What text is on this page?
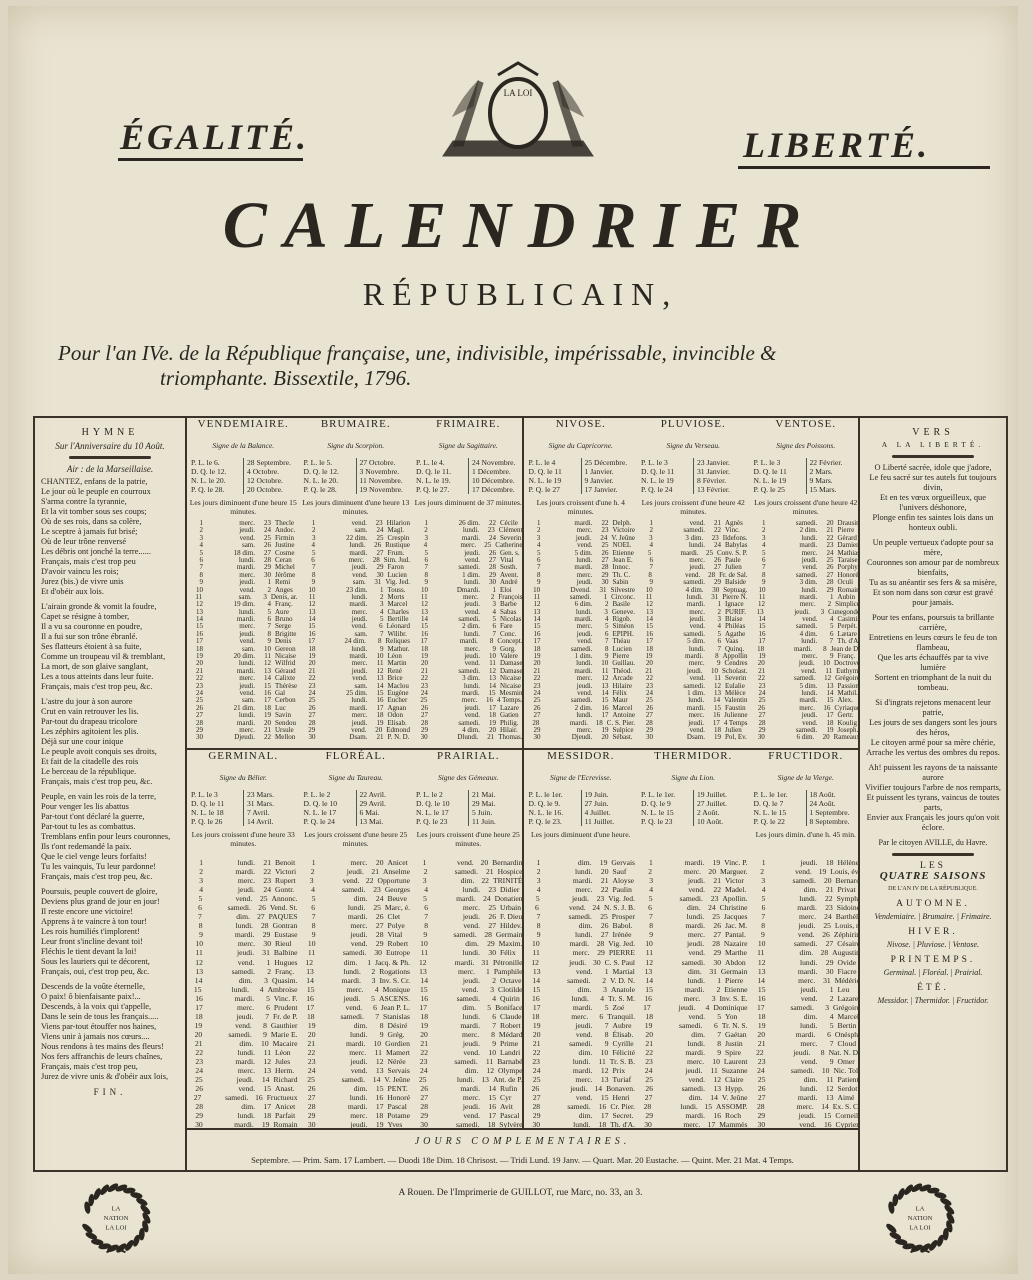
LA LOI
ÉGALITÉ.	LIBERTÉ.
CALENDRIER
RÉPUBLICAIN,
Pour l'an IVe. de la République française, une, indivisible, impérissable, invincible &
triomphante. Bissextile, 1796.
HYMNE
Sur l'Anniversaire du 10 Août.
Air : de la Marseillaise.
CHANTEZ, enfans de la patrie,
Le jour où le peuple en courroux
S'arma contre la tyrannie,
Et la vit tomber sous ses coups;
Où de ses rois, dans sa colère,
Le sceptre à jamais fut brisé;
Où de leur trône renversé
Les débris ont jonché la terre......
Français, mais c'est trop peu
D'avoir vaincu les rois;
Jurez (bis.) de vivre unis
Et d'obéir aux lois.
L'airain gronde & vomit la foudre,
Capet se résigne à tomber,
Il a vu sa couronne en poudre,
Il a fui sur son trône ébranlé.
Ses flatteurs étoient à sa fuite,
Comme un troupeau vil & tremblant,
La mort, de son glaive sanglant,
Les a tous atteints dans leur fuite.
Français, mais c'est trop peu, &c.
L'astre du jour à son aurore
Crut en vain retrouver les lis.
Par-tout du drapeau tricolore
Les zéphirs agitoient les plis.
Déjà sur une cour inique
Le peuple avoit conquis ses droits,
Et fait de la citadelle des rois
Le berceau de la république.
Français, mais c'est trop peu, &c.
Peuple, en vain les rois de la terre,
Pour venger les lis abattus
Par-tout t'ont déclaré la guerre,
Par-tout tu les as combattus.
Tremblans enfin pour leurs couronnes,
Ils t'ont redemandé la paix.
Que le ciel venge leurs forfaits!
Tu les vainquis, Tu leur pardonne!
Français, mais c'est trop peu, &c.
Poursuis, peuple couvert de gloire,
Deviens plus grand de jour en jour!
Il reste encore une victoire!
Apprens à te vaincre à ton tour!
Les rois humiliés t'implorent!
Leur front s'incline devant toi!
Fléchis le tient devant la loi!
Sous les lauriers qui te décorent,
Français, oui, c'est trop peu, &c.
Descends de la voûte éternelle,
O paix! ô bienfaisante paix!...
Descends, à la voix qui t'appelle,
Dans le sein de tous les français.....
Viens par-tout étouffer nos haines,
Viens unir à jamais nos cœurs....
Nous rendons à tes mains des fleurs!
Nos fers affranchis de leurs chaînes,
Français, mais c'est trop peu,
Jurez de vivre unis & d'obéir aux lois,
FIN.
VENDEMIAIRE.
Signe de la Balance.
P. L. le 6.	28 Septembre.
D. Q. le 12.	4 Octobre.
N. L. le 20.	12 Octobre.
P. Q. le 28.	20 Octobre.
Les jours diminuent d'une heure 15 minutes.
1	merc.	23 Thecle
2	jeudi.	24 Andoc.
3	vend.	25 Firmin
4	sam.	26 Justine
5	18 dim.	27 Cosme
6	lundi.	28 Ceran
7	mardi.	29 Michel
8	merc.	30 Jérôme
9	jeudi.	1 Remi
10	vend.	2 Anges
11	sam.	3 Denis, ar.
12	19 dim.	4 Franç.
13	lundi.	5 Aure
14	mardi.	6 Bruno
15	merc.	7 Serge
16	jeudi.	8 Brigitte
17	vend.	9 Denis
18	sam.	10 Gereon
19	20 dim.	11 Nicaise
20	lundi.	12 Wilfrid
21	mardi.	13 Géraud
22	merc.	14 Calixte
23	jeudi.	15 Thérèse
24	vend.	16 Gal
25	sam.	17 Cerbon
26	21 dim.	18 Luc
27	lundi.	19 Savin
28	mardi.	20 Sendou
29	merc.	21 Ursule
30	Djeudi.	22 Mellon
BRUMAIRE.
Signe du Scorpion.
P. L. le 5.	27 Octobre.
D. Q. le 12.	3 Novembre.
N. L. le 20.	11 Novembre.
P. Q. le 28.	19 Novembre.
Les jours diminuent d'une heure 13 minutes.
1	vend.	23 Hilarion
2	sam.	24 Magl.
3	22 dim.	25 Crespin
4	lundi.	26 Rustique
5	mardi.	27 Frum.
6	merc.	28 Sim. Jud.
7	jeudi.	29 Faron
8	vend.	30 Lucien
9	sam.	31 Vig. Jed.
10	23 dim.	1 Touss.
11	lundi.	2 Morts
12	mardi.	3 Marcel
13	merc.	4 Charles
14	jeudi.	5 Bertille
15	vend.	6 Léonard
16	sam.	7 Wilibr.
17	24 dim.	8 Reliques
18	lundi.	9 Mathur.
19	mardi.	10 Léon
20	merc.	11 Martin
21	jeudi.	12 René
22	vend.	13 Brice
23	sam.	14 Maclou
24	25 dim.	15 Eugène
25	lundi.	16 Eucher
26	mardi.	17 Agnan
27	merc.	18 Odon
28	jeudi.	19 Elisab.
29	vend.	20 Edmond
30	Dsam.	21 P. N. D.
FRIMAIRE.
Signe du Sagittaire.
P. L. le 4.	24 Novembre.
D. Q. le 11.	1 Décembre.
N. L. le 19.	10 Décembre.
P. Q. le 27.	17 Décembre.
Les jours diminuent de 37 minutes.
1	26 dim.	22 Cécile
2	lundi.	23 Clément
3	mardi.	24 Severin
4	merc.	25 Catherine
5	jeudi.	26 Gen. s.
6	vend.	27 Vital
7	samedi.	28 Sosth.
8	1 dim.	29 Avent.
9	lundi.	30 André
10	Dmardi.	1 Eloi
11	merc.	2 François
12	jeudi.	3 Barbe
13	vend.	4 Sabas
14	samedi.	5 Nicolas
15	2 dim.	6 Fare
16	lundi.	7 Conc.
17	mardi.	8 Concept.
18	merc.	9 Gorg.
19	jeudi.	10 Valere
20	vend.	11 Damase
21	samedi.	12 Damase
22	3 dim.	13 Nicaise
23	lundi.	14 Nicaise
24	mardi.	15 Mesmin
25	merc.	16 4 Temps.
26	jeudi.	17 Lazare
27	vend.	18 Gatien
28	samedi.	19 Philig.
29	4 dim.	20 Hilair.
30	Dlundi.	21 Thomas.
NIVOSE.
Signe du Capricorne.
P. L. le 4	25 Décembre.
D. Q. le 11	1 Janvier.
N. L. le 19	9 Janvier.
P. Q. le 27	17 Janvier.
Les jours croissent d'une h. 4 minutes.
1	mardi.	22 Delph.
2	merc.	23 Victoire
3	jeudi.	24 V. Jeûne
4	vend.	25 NOEL
5	5 dim.	26 Etienne
6	lundi.	27 Jean E.
7	mardi.	28 Innoc.
8	merc.	29 Th. C.
9	jeudi.	30 Sabin
10	Dvend.	31 Silvestre
11	samedi.	1 Circonc.
12	6 dim.	2 Basile
13	lundi.	3 Geneve.
14	mardi.	4 Rigob.
15	merc.	5 Siméon
16	jeudi.	6 EPIPH.
17	vend.	7 Théau
18	samedi.	8 Lucien
19	1 dim.	9 Pierre
20	lundi.	10 Guillau.
21	mardi.	11 Théod.
22	merc.	12 Arcade
23	jeudi.	13 Hilaire
24	vend.	14 Félix
25	samedi.	15 Maur
26	2 dim.	16 Marcel
27	lundi.	17 Antoine
28	mardi.	18 C. S. Pier.
29	merc.	19 Sulpice
30	Djeudi.	20 Sébast.
PLUVIOSE.
Signe du Verseau.
P. L. le 3	23 Janvier.
D. Q. le 11	31 Janvier.
N. L. le 19	8 Février.
P. Q. le 24	13 Février.
Les jours croissent d'une heure 42 minutes.
1	vend.	21 Agnès
2	samedi.	22 Vinc.
3	3 dim.	23 Ildefons.
4	lundi.	24 Babylas
5	mardi.	25 Conv. S. P.
6	merc.	26 Paule
7	jeudi.	27 Julien
8	vend.	28 Fr. de Sal.
9	samedi.	29 Balside
10	4 dim.	30 Septuag.
11	lundi.	31 Pierre N.
12	mardi.	1 Ignace
13	merc.	2 PURIF.
14	jeudi.	3 Blaise
15	vend.	4 Philéas
16	samedi.	5 Agathe
17	5 dim.	6 Vaas
18	lundi.	7 Quinq.
19	mardi.	8 Appollin
20	merc.	9 Cendres
21	jeudi.	10 Scholast.
22	vend.	11 Severin
23	samedi.	12 Eulalie
24	1 dim.	13 Mélèce
25	lundi.	14 Valentin
26	mardi.	15 Faustin
27	merc.	16 Julienne
28	jeudi.	17 4 Temps
29	vend.	18 Julien
30	Dsam.	19 Pol, Ev.
VENTOSE.
Signe des Poissons.
P. L. le 3	22 Février.
D. Q. le 11	2 Mars.
N. L. le 19	9 Mars.
P. Q. le 25	15 Mars.
Les jours croissent d'une heure 42 minutes.
1	samedi.	20 Drausin
2	2 dim.	21 Pierre
3	lundi.	22 Gérard
4	mardi.	23 Damien
5	merc.	24 Mathias
6	jeudi.	25 Taraise
7	vend.	26 Porphy.
8	samedi.	27 Honoré
9	3 dim.	28 Oculi
10	lundi.	29 Romain
11	mardi.	1 Aubin
12	merc.	2 Simplice
13	jeudi.	3 Cunegonde
14	vend.	4 Casimir
15	samedi.	5 Perpét.
16	4 dim.	6 Lætare
17	lundi.	7 Th. d'A.
18	mardi.	8 Jean de D.
19	merc.	9 Franç.
20	jeudi.	10 Doctrové
21	vend.	11 Euthym.
22	samedi.	12 Grégoire
23	5 dim.	13 Passion
24	lundi.	14 Mathil.
25	mardi.	15 Alex.
26	merc.	16 Cyriaque
27	jeudi.	17 Gertr.
28	vend.	18 Koulig
29	samedi.	19 Joseph.
30	6 dim.	20 Rameaux
GERMINAL.
Signe du Bélier.
P. L. le 3	23 Mars.
D. Q. le 11	31 Mars.
N. L. le 18	7 Avril.
P. Q. le 26	14 Avril.
Les jours croissent d'une heure 33 minutes.
1	lundi.	21 Benoit
2	mardi.	22 Victori
3	merc.	23 Rupert
4	jeudi.	24 Gontr.
5	vend.	25 Annonc.
6	samedi. 26 Vend. St.
7	dim. 27 PAQUES
8	lundi.	28 Gontran
9	mardi.	29 Eustase
10	merc.	30 Rieul
11	jeudi.	31 Balbine
12	vend.	1 Hugues
13	samedi.	2 Franç.
14	dim.	3 Quasim.
15	lundi.	4 Ambroise
16	mardi.	5 Vinc. F.
17	merc.	6 Prudent
18	jeudi.	7 Fr. de P.
19	vend.	8 Gauthier
20	samedi.	9 Marie E.
21	dim.	10 Macaire
22	lundi.	11 Léon
23	mardi.	12 Jules
24	merc.	13 Herm.
25	jeudi.	14 Richard
26	vend.	15 Anast.
27	samedi. 16 Fructueux
28	dim.	17 Anicet
29	lundi.	18 Parfait
30	mardi.	19 Romain
FLORÉAL.
Signe du Taureau.
P. L. le 2	22 Avril.
D. Q. le 10	29 Avril.
N. L. le 17	6 Mai.
P. Q. le 24	13 Mai.
Les jours croissent d'une heure 25 minutes.
1	merc.	20 Anicet
2	jeudi. 21 Anselme
3	vend. 22 Opportune
4	samedi.	23 Georges
5	dim.	24 Beuve
6	lundi.	25 Marc, é.
7	mardi.	26 Clet
8	merc.	27 Polye
9	jeudi.	28 Vital
10	vend.	29 Robert
11	samedi.	30 Eutrope
12	dim.	1 Jacq. & Ph.
13	lundi.	2 Rogations
14	mardi.	3 Inv. S. Cr.
15	merc.	4 Monique
16	jeudi.	5 ASCENS.
17	vend.	6 Jean P. L.
18	samedi.	7 Stanislas
19	dim.	8 Désiré
20	lundi.	9 Grég.
21	mardi.	10 Gordien
22	merc.	11 Mamert
23	jeudi.	12 Nérée
24	vend.	13 Servais
25	samedi.	14 V. Jeûne
26	dim.	15 PENT.
27	lundi.	16 Honoré
28	mardi.	17 Pascal
29	merc.	18 Potame
30	jeudi.	19 Yves
PRAIRIAL.
Signe des Gémeaux.
P. L. le 2	21 Mai.
D. Q. le 10	29 Mai.
N. L. le 17	5 Juin.
P. Q. le 23	11 Juin.
Les jours croissent d'une heure 25 minutes.
1	vend. 20 Bernardin
2	samedi.	21 Hospice
3	dim. 22 TRINITÉ
4	lundi.	23 Didier
5	mardi. 24 Donatien
6	merc.	25 Urbain
7	jeudi.	26 F. Dieu
8	vend.	27 Hildev.
9	samedi. 28 Germain
10	dim.	29 Maxim.
11	lundi.	30 Félix
12	mardi. 31 Pétronille
13	merc.	1 Pamphile
14	jeudi.	2 Octave
15	vend.	3 Clotilde
16	samedi.	4 Quirin
17	dim.	5 Boniface
18	lundi.	6 Claude
19	mardi.	7 Robert
20	merc.	8 Médard
21	jeudi.	9 Prime
22	vend.	10 Landri
23	samedi.	11 Barnabé
24	dim.	12 Olympe
25	lundi. 13 Ant. de P.
26	mardi.	14 Rufin
27	merc.	15 Cyr
28	jeudi.	16 Avit
29	vend.	17 Pascal
30	samedi.	18 Sylvère
MESSIDOR.
Signe de l'Ecrevisse.
P. L. le 1er.	19 Juin.
D. Q. le 9.	27 Juin.
N. L. le 16.	4 Juillet.
P. Q. le 23.	11 Juillet.
Les jours diminuent d'une heure.
1	dim.	19 Gervais
2	lundi.	20 Sauf
3	mardi.	21 Aloyse
4	merc.	22 Paulin
5	jeudi. 23 Vig. Jed.
6	vend. 24 N. S. J. B.
7	samedi.	25 Prosper
8	dim.	26 Babol.
9	lundi.	27 Irénée
10	mardi. 28 Vig. Jed.
11	merc.	29 PIERRE
12	jeudi. 30 C. S. Paul
13	vend.	1 Martial
14	samedi.	2 V. D. N.
15	dim.	3 Anatole
16	lundi.	4 Tr. S. M.
17	mardi.	5 Zoé
18	merc.	6 Tranquil.
19	jeudi.	7 Aubre
20	vend.	8 Élisab.
21	samedi.	9 Cyrille
22	dim.	10 Félicité
23	lundi.	11 Tr. S. B.
24	mardi.	12 Prix
25	merc.	13 Turiaf
26	jeudi. 14 Bonaven.
27	vend.	15 Henri
28	samedi.	16 Cr. Pier.
29	dim.	17 Secret.
30	lundi.	18 Th. d'A.
THERMIDOR.
Signe du Lion.
P. L. le 1er.	19 Juillet.
D. Q. le 9	27 Juillet.
N. L. le 15	2 Août.
P. Q. le 23	10 Août.
1	mardi.	19 Vinc. P.
2	merc. 20 Marguer.
3	jeudi.	21 Victor
4	vend.	22 Madel.
5	samedi.	23 Apollin.
6	dim. 24 Christine
7	lundi.	25 Jacques
8	mardi.	26 Jac. M.
9	merc.	27 Pantal.
10	jeudi.	28 Nazaire
11	vend.	29 Marthe
12	samedi.	30 Abdon
13	dim. 31 Germain
14	lundi.	1 Pierre
15	mardi.	2 Etienne
16	merc.	3 Inv. S. E.
17	jeudi.	4 Dominique
18	vend.	5 Yon
19	samedi.	6 Tr. N. S.
20	dim.	7 Gaétan
21	lundi.	8 Justin
22	mardi.	9 Spire
23	merc.	10 Laurent
24	jeudi.	11 Suzanne
25	vend.	12 Claire
26	samedi.	13 Hypp.
27	dim.	14 V. Jeûne
28	lundi. 15 ASSOMP.
29	mardi.	16 Roch
30	merc. 17 Mammès
FRUCTIDOR.
Signe de la Vierge.
P. L. le 1er.	18 Août.
D. Q. le 7	24 Août.
N. L. le 15	1 Septembre.
P. Q. le 22	8 Septembre.
Les jours dimin. d'une h. 45 min.
1	jeudi.	18 Hélène
2	vend. 19 Louis, év.
3	samedi.	20 Bernard
4	dim.	21 Privat
5	lundi.	22 Symph.
6	mardi.	23 Sidoine
7	merc.	24 Barthél.
8	jeudi.	25 Louis, r.
9	vend.	26 Zéphirin
10	samedi.	27 Césaire
11	dim. 28 Augustin
12	lundi.	29 Ovide
13	mardi.	30 Fiacre
14	merc.	31 Médéric
15	jeudi.	1 Leu
16	vend.	2 Lazare
17	samedi.	3 Grégoire
18	dim.	4 Marcel
19	lundi.	5 Bertin
20	mardi.	6 Onésph.
21	merc.	7 Cloud
22	jeudi.	8 Nat. N. D.
23	vend.	9 Omer
24	samedi. 10 Nic. Tol.
25	dim.	11 Patient
26	lundi.	12 Serdot
27	mardi.	13 Aimé
28	merc. 14 Ex. S. C.
29	jeudi.	15 Corneil.
30	vend.	16 Cyprien
JOURS COMPLEMENTAIRES.
Septembre. — Prim. Sam. 17 Lambert. — Duodi 18e Dim. 18 Chrisost. — Tridi Lund. 19 Janv. — Quart. Mar. 20 Eustache. — Quint. Mer. 21 Mat. 4 Temps.
VERS
A LA LIBERTÉ.
O Liberté sacrée, idole que j'adore,
Le feu sacré sur tes autels fut toujours divin,
Et en tes vœux orgueilleux, que l'univers déshonore,
Plonge enfin tes saintes lois dans un honteux oubli.
Un peuple vertueux t'adopte pour sa mère,
Couronnes son amour par de nombreux bienfaits,
Tu as su anéantir ses fers & sa misère,
Et son nom dans son cœur est gravé pour jamais.
Pour tes enfans, poursuis ta brillante carrière,
Entretiens en leurs cœurs le feu de ton flambeau,
Que les arts échauffés par ta vive lumière
Sortent en triomphant de la nuit du tombeau.
Si d'ingrats rejetons menacent leur patrie,
Les jours de ses dangers sont les jours des héros,
Le citoyen armé pour sa mère chérie,
Arrache les vertus des ombres du repos.
Ah! puissent les rayons de ta naissante aurore
Vivifier toujours l'arbre de nos remparts,
Et puissent les tyrans, vaincus de toutes parts,
Envier aux Français les jours qu'on voit éclore.
Par le citoyen AVILLE, du Havre.
LES
QUATRE SAISONS
DE L'AN IV DE LA RÉPUBLIQUE.
AUTOMNE.
Vendemiaire. | Brumaire. | Frimaire.
HIVER.
Nivose. | Pluviose. | Ventose.
PRINTEMPS.
Germinal. | Floréal. | Prairial.
ÉTÉ.
Messidor. | Thermidor. | Fructidor.
LA
NATION
LA LOI
LA
NATION
LA LOI
A Rouen. De l'Imprimerie de GUILLOT, rue Marc, no. 33, an 3.
